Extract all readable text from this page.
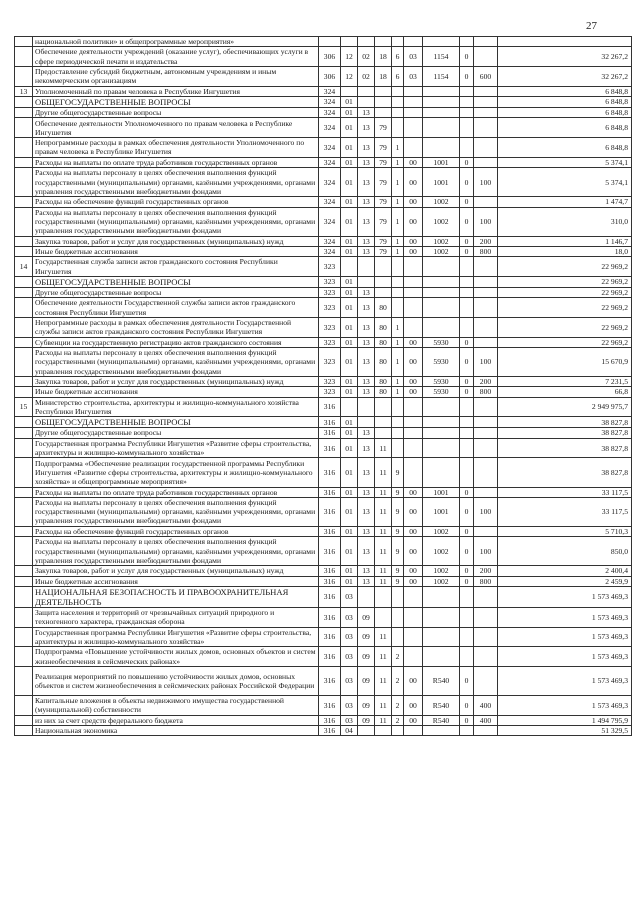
27
	национальной политики» и общепрограммные мероприятия»										
	Обеспечение деятельности учреждений (оказание услуг), обеспечивающих услуги в сфере периодической печати и издательства	306	12	02	18	6	03	1154	0		32 267,2
	Предоставление субсидий бюджетным, автономным учреждениям и иным некоммерческим организациям	306	12	02	18	6	03	1154	0	600	32 267,2
13	Уполномоченный по правам человека в Республике Ингушетия	324									6 848,8
	ОБЩЕГОСУДАРСТВЕННЫЕ ВОПРОСЫ	324	01								6 848,8
	Другие общегосударственные вопросы	324	01	13							6 848,8
	Обеспечение деятельности Уполномоченного по правам человека в Республике Ингушетия	324	01	13	79						6 848,8
	Непрограммные расходы в рамках обеспечения деятельности Уполномоченного по правам человека в Республике Ингушетия	324	01	13	79	1					6 848,8
	Расходы на выплаты по оплате труда работников государственных органов	324	01	13	79	1	00	1001	0		5 374,1
	Расходы на выплаты персоналу в целях обеспечения выполнения функций государственными (муниципальными) органами, казёнными учреждениями, органами управления государственными внебюджетными фондами	324	01	13	79	1	00	1001	0	100	5 374,1
	Расходы на обеспечение функций государственных органов	324	01	13	79	1	00	1002	0		1 474,7
	Расходы на выплаты персоналу в целях обеспечения выполнения функций государственными (муниципальными) органами, казёнными учреждениями, органами управления государственными внебюджетными фондами	324	01	13	79	1	00	1002	0	100	310,0
	Закупка товаров, работ и услуг для государственных (муниципальных) нужд	324	01	13	79	1	00	1002	0	200	1 146,7
	Иные бюджетные ассигнования	324	01	13	79	1	00	1002	0	800	18,0
14	Государственная служба записи актов гражданского состояния Республики Ингушетия	323									22 969,2
	ОБЩЕГОСУДАРСТВЕННЫЕ ВОПРОСЫ	323	01								22 969,2
	Другие общегосударственные вопросы	323	01	13							22 969,2
	Обеспечение деятельности Государственной службы записи актов гражданского состояния Республики Ингушетия	323	01	13	80						22 969,2
	Непрограммные расходы в рамках обеспечения деятельности Государственной службы записи актов гражданского состояния Республики Ингушетия	323	01	13	80	1					22 969,2
	Субвенции на государственную регистрацию актов гражданского состояния	323	01	13	80	1	00	5930	0		22 969,2
	Расходы на выплаты персоналу в целях обеспечения выполнения функций государственными (муниципальными) органами, казёнными учреждениями, органами управления государственными внебюджетными фондами	323	01	13	80	1	00	5930	0	100	15 670,9
	Закупка товаров, работ и услуг для государственных (муниципальных) нужд	323	01	13	80	1	00	5930	0	200	7 231,5
	Иные бюджетные ассигнования	323	01	13	80	1	00	5930	0	800	66,8
15	Министерство строительства, архитектуры и жилищно-коммунального хозяйства Республики Ингушетия	316									2 949 975,7
	ОБЩЕГОСУДАРСТВЕННЫЕ ВОПРОСЫ	316	01								38 827,8
	Другие общегосударственные вопросы	316	01	13							38 827,8
	Государственная программа Республики Ингушетия «Развитие сферы строительства, архитектуры и жилищно-коммунального хозяйства»	316	01	13	11						38 827,8
	Подпрограмма «Обеспечение реализации государственной программы Республики Ингушетия «Развитие сферы строительства, архитектуры и жилищно-коммунального хозяйства» и общепрограммные мероприятия»	316	01	13	11	9					38 827,8
	Расходы на выплаты по оплате труда работников государственных органов	316	01	13	11	9	00	1001	0		33 117,5
	Расходы на выплаты персоналу в целях обеспечения выполнения функций государственными (муниципальными) органами, казёнными учреждениями, органами управления государственными внебюджетными фондами	316	01	13	11	9	00	1001	0	100	33 117,5
	Расходы на обеспечение функций государственных органов	316	01	13	11	9	00	1002	0		5 710,3
	Расходы на выплаты персоналу в целях обеспечения выполнения функций государственными (муниципальными) органами, казёнными учреждениями, органами управления государственными внебюджетными фондами	316	01	13	11	9	00	1002	0	100	850,0
	Закупка товаров, работ и услуг для государственных (муниципальных) нужд	316	01	13	11	9	00	1002	0	200	2 400,4
	Иные бюджетные ассигнования	316	01	13	11	9	00	1002	0	800	2 459,9
	НАЦИОНАЛЬНАЯ БЕЗОПАСНОСТЬ И ПРАВООХРАНИТЕЛЬНАЯ ДЕЯТЕЛЬНОСТЬ	316	03								1 573 469,3
	Защита населения и территорий от чрезвычайных ситуаций природного и техногенного характера, гражданская оборона	316	03	09							1 573 469,3
	Государственная программа Республики Ингушетия «Развитие сферы строительства, архитектуры и жилищно-коммунального хозяйства»	316	03	09	11						1 573 469,3
	Подпрограмма «Повышение устойчивости жилых домов, основных объектов и систем жизнеобеспечения в сейсмических районах»	316	03	09	11	2					1 573 469,3
	Реализация мероприятий по повышению устойчивости жилых домов, основных объектов и систем жизнеобеспечения в сейсмических районах Российской Федерации	316	03	09	11	2	00	R540	0		1 573 469,3
	Капитальные вложения в объекты недвижимого имущества государственной (муниципальной) собственности	316	03	09	11	2	00	R540	0	400	1 573 469,3
	из них за счет средств федерального бюджета	316	03	09	11	2	00	R540	0	400	1 494 795,9
	Национальная экономика	316	04								51 329,5
